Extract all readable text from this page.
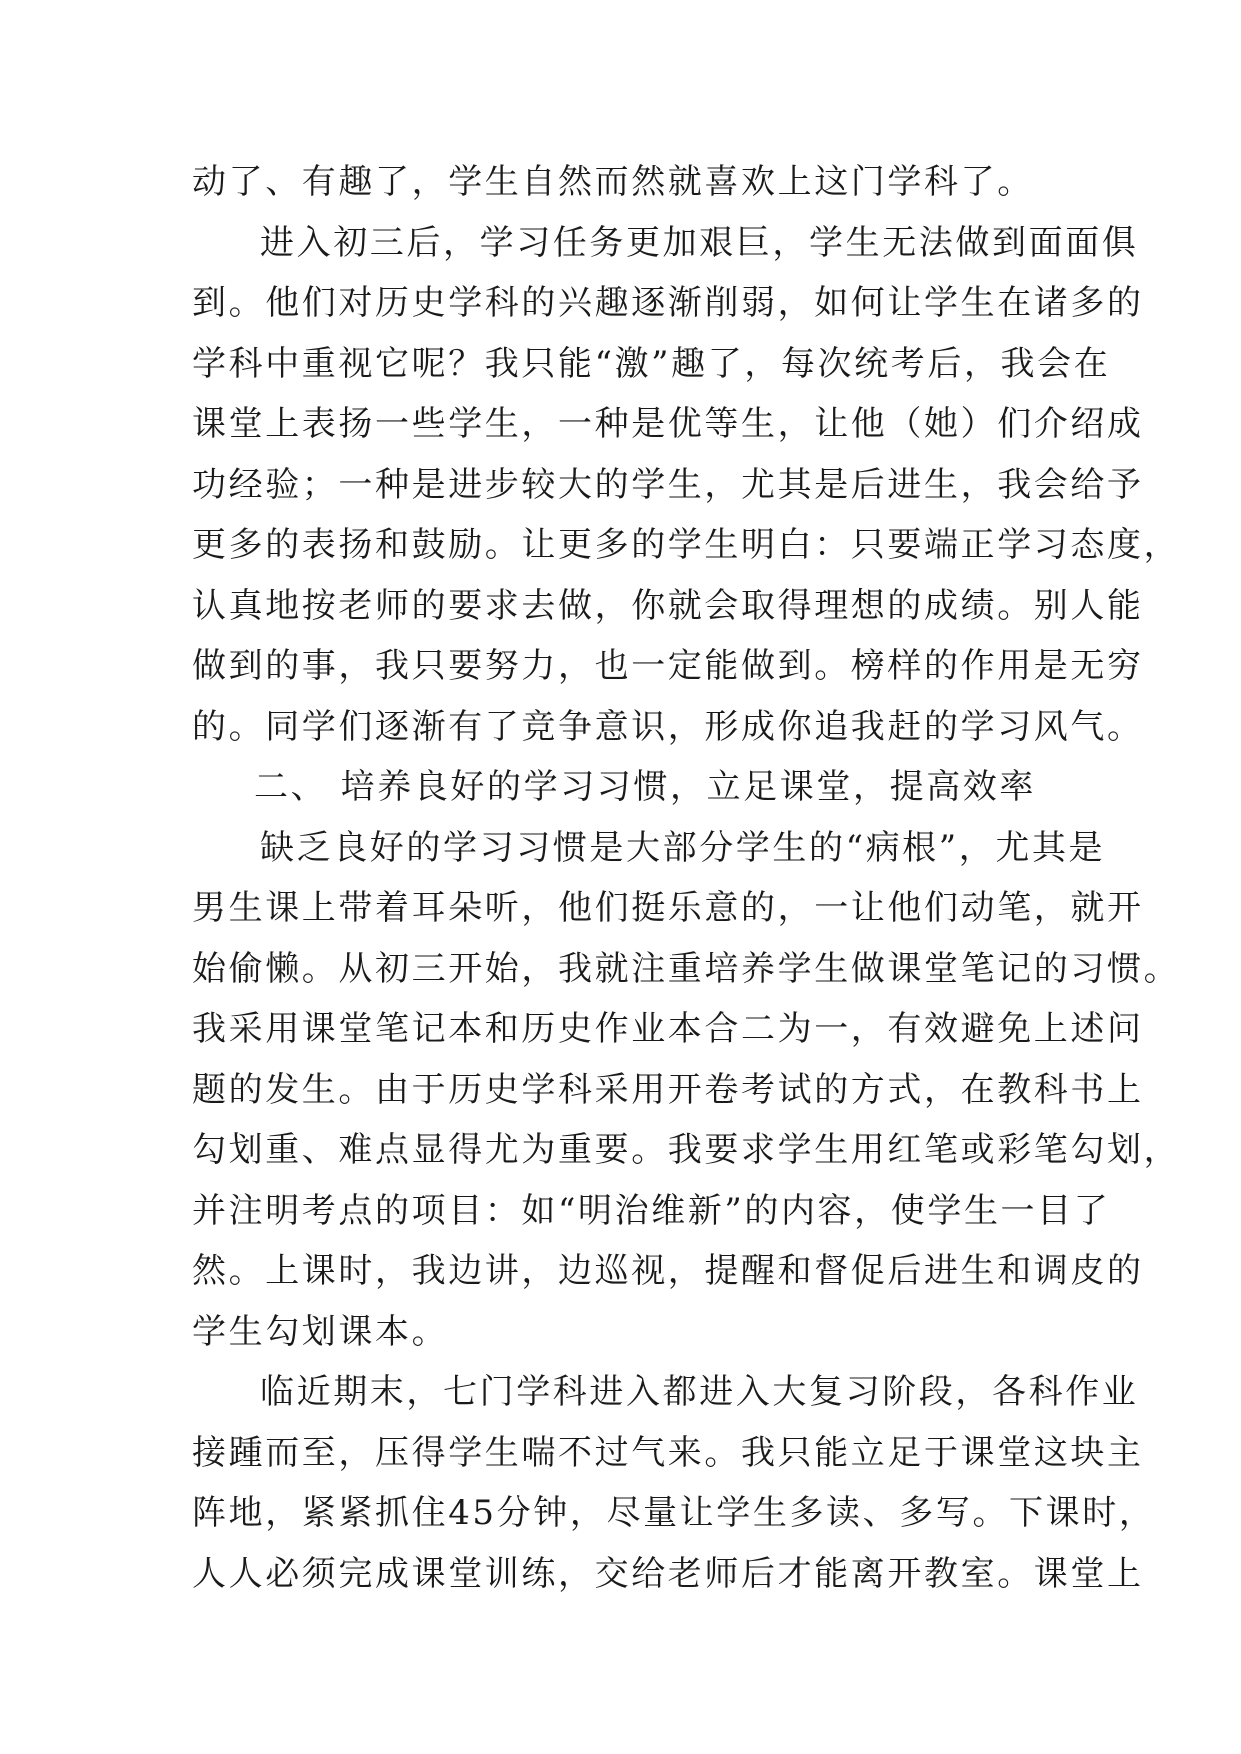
动了、有趣了，学生自然而然就喜欢上这门学科了。
进入初三后，学习任务更加艰巨，学生无法做到面面俱
到。他们对历史学科的兴趣逐渐削弱，如何让学生在诸多的
学科中重视它呢？我只能“激”趣了，每次统考后，我会在
课堂上表扬一些学生，一种是优等生，让他（她）们介绍成
功经验；一种是进步较大的学生，尤其是后进生，我会给予
更多的表扬和鼓励。让更多的学生明白：只要端正学习态度，
认真地按老师的要求去做，你就会取得理想的成绩。别人能
做到的事，我只要努力，也一定能做到。榜样的作用是无穷
的。同学们逐渐有了竞争意识，形成你追我赶的学习风气。
二、 培养良好的学习习惯，立足课堂，提高效率
缺乏良好的学习习惯是大部分学生的“病根”，尤其是
男生课上带着耳朵听，他们挺乐意的，一让他们动笔，就开
始偷懒。从初三开始，我就注重培养学生做课堂笔记的习惯。
我采用课堂笔记本和历史作业本合二为一，有效避免上述问
题的发生。由于历史学科采用开卷考试的方式，在教科书上
勾划重、难点显得尤为重要。我要求学生用红笔或彩笔勾划，
并注明考点的项目：如“明治维新”的内容，使学生一目了
然。上课时，我边讲，边巡视，提醒和督促后进生和调皮的
学生勾划课本。
临近期末，七门学科进入都进入大复习阶段，各科作业
接踵而至，压得学生喘不过气来。我只能立足于课堂这块主
阵地，紧紧抓住45分钟，尽量让学生多读、多写。下课时，
人人必须完成课堂训练，交给老师后才能离开教室。课堂上
